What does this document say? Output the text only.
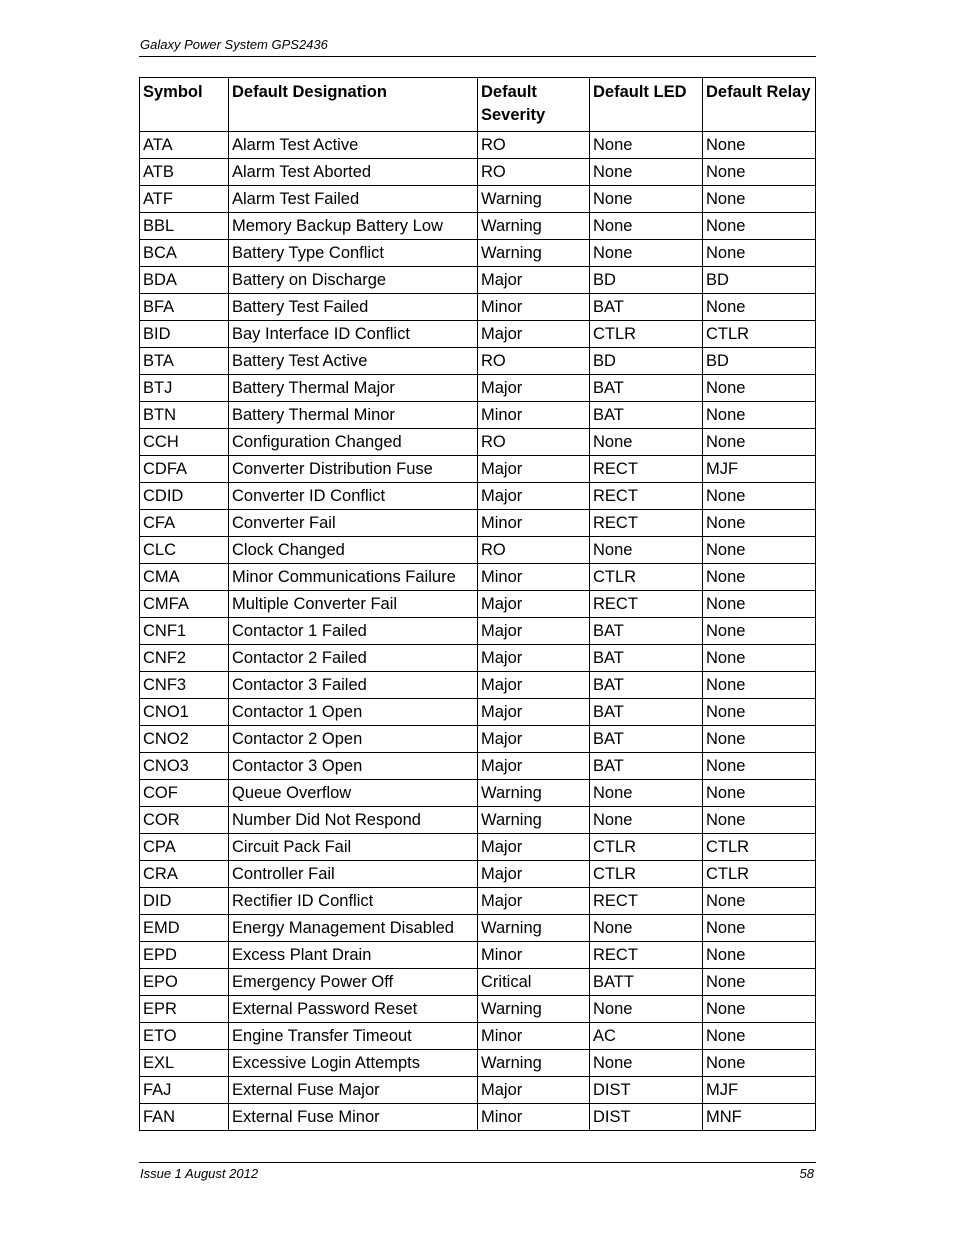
Galaxy Power System GPS2436
Symbol	Default Designation	Default Severity	Default LED	Default Relay
ATA	Alarm Test Active	RO	None	None
ATB	Alarm Test Aborted	RO	None	None
ATF	Alarm Test Failed	Warning	None	None
BBL	Memory Backup Battery Low	Warning	None	None
BCA	Battery Type Conflict	Warning	None	None
BDA	Battery on Discharge	Major	BD	BD
BFA	Battery Test Failed	Minor	BAT	None
BID	Bay Interface ID Conflict	Major	CTLR	CTLR
BTA	Battery Test Active	RO	BD	BD
BTJ	Battery Thermal Major	Major	BAT	None
BTN	Battery Thermal Minor	Minor	BAT	None
CCH	Configuration Changed	RO	None	None
CDFA	Converter Distribution Fuse	Major	RECT	MJF
CDID	Converter ID Conflict	Major	RECT	None
CFA	Converter Fail	Minor	RECT	None
CLC	Clock Changed	RO	None	None
CMA	Minor Communications Failure	Minor	CTLR	None
CMFA	Multiple Converter Fail	Major	RECT	None
CNF1	Contactor 1 Failed	Major	BAT	None
CNF2	Contactor 2 Failed	Major	BAT	None
CNF3	Contactor 3 Failed	Major	BAT	None
CNO1	Contactor 1 Open	Major	BAT	None
CNO2	Contactor 2 Open	Major	BAT	None
CNO3	Contactor 3 Open	Major	BAT	None
COF	Queue Overflow	Warning	None	None
COR	Number Did Not Respond	Warning	None	None
CPA	Circuit Pack Fail	Major	CTLR	CTLR
CRA	Controller Fail	Major	CTLR	CTLR
DID	Rectifier ID Conflict	Major	RECT	None
EMD	Energy Management Disabled	Warning	None	None
EPD	Excess Plant Drain	Minor	RECT	None
EPO	Emergency Power Off	Critical	BATT	None
EPR	External Password Reset	Warning	None	None
ETO	Engine Transfer Timeout	Minor	AC	None
EXL	Excessive Login Attempts	Warning	None	None
FAJ	External Fuse Major	Major	DIST	MJF
FAN	External Fuse Minor	Minor	DIST	MNF
Issue 1 August 2012	58
